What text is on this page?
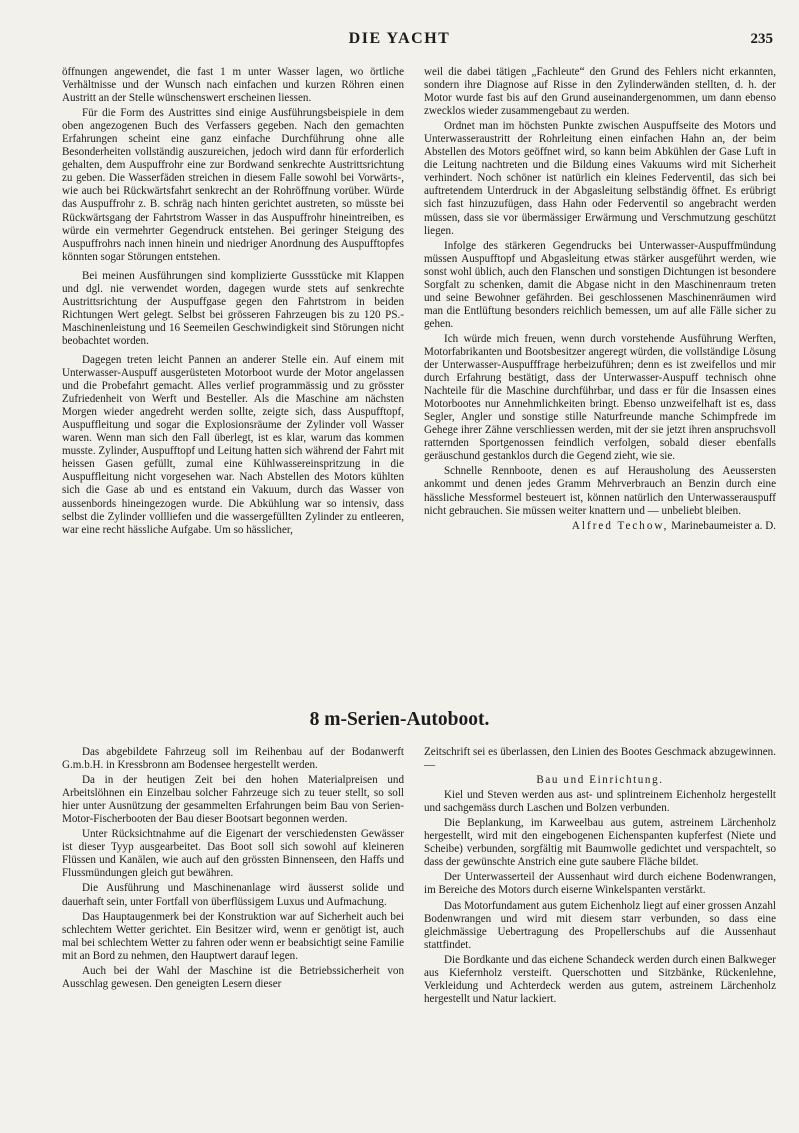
DIE YACHT	235

öffnungen angewendet, die fast 1 m unter Wasser lagen, wo örtliche Verhältnisse und der Wunsch nach einfachen und kurzen Röhren einen Austritt an der Stelle wünschenswert erscheinen liessen.

Für die Form des Austrittes sind einige Ausführungsbeispiele in dem oben angezogenen Buch des Verfassers gegeben. Nach den gemachten Erfahrungen scheint eine ganz einfache Durchführung ohne alle Besonderheiten vollständig auszureichen, jedoch wird dann für erforderlich gehalten, dem Auspuffrohr eine zur Bordwand senkrechte Austrittsrichtung zu geben. Die Wasserfäden streichen in diesem Falle sowohl bei Vorwärts-, wie auch bei Rückwärtsfahrt senkrecht an der Rohröffnung vorüber. Würde das Auspuffrohr z. B. schräg nach hinten gerichtet austreten, so müsste bei Rückwärtsgang der Fahrtstrom Wasser in das Auspuffrohr hineintreiben, es würde ein vermehrter Gegendruck entstehen. Bei geringer Steigung des Auspuffrohrs nach innen hinein und niedriger Anordnung des Auspufftopfes könnten sogar Störungen entstehen.

Bei meinen Ausführungen sind komplizierte Gussstücke mit Klappen und dgl. nie verwendet worden, dagegen wurde stets auf senkrechte Austrittsrichtung der Auspuffgase gegen den Fahrtstrom in beiden Richtungen Wert gelegt. Selbst bei grösseren Fahrzeugen bis zu 120 PS.-Maschinenleistung und 16 Seemeilen Geschwindigkeit sind Störungen nicht beobachtet worden.

Dagegen treten leicht Pannen an anderer Stelle ein. Auf einem mit Unterwasser-Auspuff ausgerüsteten Motorboot wurde der Motor angelassen und die Probefahrt gemacht. Alles verlief programmässig und zu grösster Zufriedenheit von Werft und Besteller. Als die Maschine am nächsten Morgen wieder angedreht werden sollte, zeigte sich, dass Auspufftopf, Auspuffleitung und sogar die Explosionsräume der Zylinder voll Wasser waren. Wenn man sich den Fall überlegt, ist es klar, warum das kommen musste. Zylinder, Auspufftopf und Leitung hatten sich während der Fahrt mit heissen Gasen gefüllt, zumal eine Kühlwassereinspritzung in die Auspuffleitung nicht vorgesehen war. Nach Abstellen des Motors kühlten sich die Gase ab und es entstand ein Vakuum, durch das Wasser von aussenbords hineingezogen wurde. Die Abkühlung war so intensiv, dass selbst die Zylinder vollliefen und die wassergefüllten Zylinder zu entleeren, war eine recht hässliche Aufgabe. Um so hässlicher,

weil die dabei tätigen „Fachleute“ den Grund des Fehlers nicht erkannten, sondern ihre Diagnose auf Risse in den Zylinderwänden stellten, d. h. der Motor wurde fast bis auf den Grund auseinandergenommen, um dann ebenso zwecklos wieder zusammengebaut zu werden.

Ordnet man im höchsten Punkte zwischen Auspuffseite des Motors und Unterwasseraustritt der Rohrleitung einen einfachen Hahn an, der beim Abstellen des Motors geöffnet wird, so kann beim Abkühlen der Gase Luft in die Leitung nachtreten und die Bildung eines Vakuums wird mit Sicherheit verhindert. Noch schöner ist natürlich ein kleines Federventil, das sich bei auftretendem Unterdruck in der Abgasleitung selbständig öffnet. Es erübrigt sich fast hinzuzufügen, dass Hahn oder Federventil so angebracht werden müssen, dass sie vor übermässiger Erwärmung und Verschmutzung geschützt liegen.

Infolge des stärkeren Gegendrucks bei Unterwasser-Auspuffmündung müssen Auspufftopf und Abgasleitung etwas stärker ausgeführt werden, wie sonst wohl üblich, auch den Flanschen und sonstigen Dichtungen ist besondere Sorgfalt zu schenken, damit die Abgase nicht in den Maschinenraum treten und seine Bewohner gefährden. Bei geschlossenen Maschinenräumen wird man die Entlüftung besonders reichlich bemessen, um auf alle Fälle sicher zu gehen.

Ich würde mich freuen, wenn durch vorstehende Ausführung Werften, Motorfabrikanten und Bootsbesitzer angeregt würden, die vollständige Lösung der Unterwasser-Auspufffrage herbeizuführen; denn es ist zweifellos und mir durch Erfahrung bestätigt, dass der Unterwasser-Auspuff technisch ohne Nachteile für die Maschine durchführbar, und dass er für die Insassen eines Motorbootes nur Annehmlichkeiten bringt. Ebenso unzweifelhaft ist es, dass Segler, Angler und sonstige stille Naturfreunde manche Schimpfrede im Gehege ihrer Zähne verschliessen werden, mit der sie jetzt ihren anspruchsvoll ratternden Sportgenossen feindlich verfolgen, sobald dieser ebenfalls geräuschund gestanklos durch die Gegend zieht, wie sie.

Schnelle Rennboote, denen es auf Herausholung des Aeussersten ankommt und denen jedes Gramm Mehrverbrauch an Benzin durch eine hässliche Messformel besteuert ist, können natürlich den Unterwasserauspuff nicht gebrauchen. Sie müssen weiter knattern und — unbeliebt bleiben.

Alfred Techow, Marinebaumeister a. D.

8 m-Serien-Autoboot.

Das abgebildete Fahrzeug soll im Reihenbau auf der Bodanwerft G.m.b.H. in Kressbronn am Bodensee hergestellt werden.

Da in der heutigen Zeit bei den hohen Materialpreisen und Arbeitslöhnen ein Einzelbau solcher Fahrzeuge sich zu teuer stellt, so soll hier unter Ausnützung der gesammelten Erfahrungen beim Bau von Serien-Motor-Fischerbooten der Bau dieser Bootsart begonnen werden.

Unter Rücksichtnahme auf die Eigenart der verschiedensten Gewässer ist dieser Tyyp ausgearbeitet. Das Boot soll sich sowohl auf kleineren Flüssen und Kanälen, wie auch auf den grössten Binnenseen, den Haffs und Flussmündungen gleich gut bewähren.

Die Ausführung und Maschinenanlage wird äusserst solide und dauerhaft sein, unter Fortfall von überflüssigem Luxus und Aufmachung.

Das Hauptaugenmerk bei der Konstruktion war auf Sicherheit auch bei schlechtem Wetter gerichtet. Ein Besitzer wird, wenn er genötigt ist, auch mal bei schlechtem Wetter zu fahren oder wenn er beabsichtigt seine Familie mit an Bord zu nehmen, den Hauptwert darauf legen.

Auch bei der Wahl der Maschine ist die Betriebssicherheit von Ausschlag gewesen. Den geneigten Lesern dieser

Zeitschrift sei es überlassen, den Linien des Bootes Geschmack abzugewinnen. —

Bau und Einrichtung.

Kiel und Steven werden aus ast- und splintreinem Eichenholz hergestellt und sachgemäss durch Laschen und Bolzen verbunden.

Die Beplankung, im Karweelbau aus gutem, astreinem Lärchenholz hergestellt, wird mit den eingebogenen Eichenspanten kupferfest (Niete und Scheibe) verbunden, sorgfältig mit Baumwolle gedichtet und verspachtelt, so dass der gewünschte Anstrich eine gute saubere Fläche bildet.

Der Unterwasserteil der Aussenhaut wird durch eichene Bodenwrangen, im Bereiche des Motors durch eiserne Winkelspanten verstärkt.

Das Motorfundament aus gutem Eichenholz liegt auf einer grossen Anzahl Bodenwrangen und wird mit diesem starr verbunden, so dass eine gleichmässige Uebertragung des Propellerschubs auf die Aussenhaut stattfindet.

Die Bordkante und das eichene Schandeck werden durch einen Balkweger aus Kiefernholz versteift. Querschotten und Sitzbänke, Rückenlehne, Verkleidung und Achterdeck werden aus gutem, astreinem Lärchenholz hergestellt und Natur lackiert.
